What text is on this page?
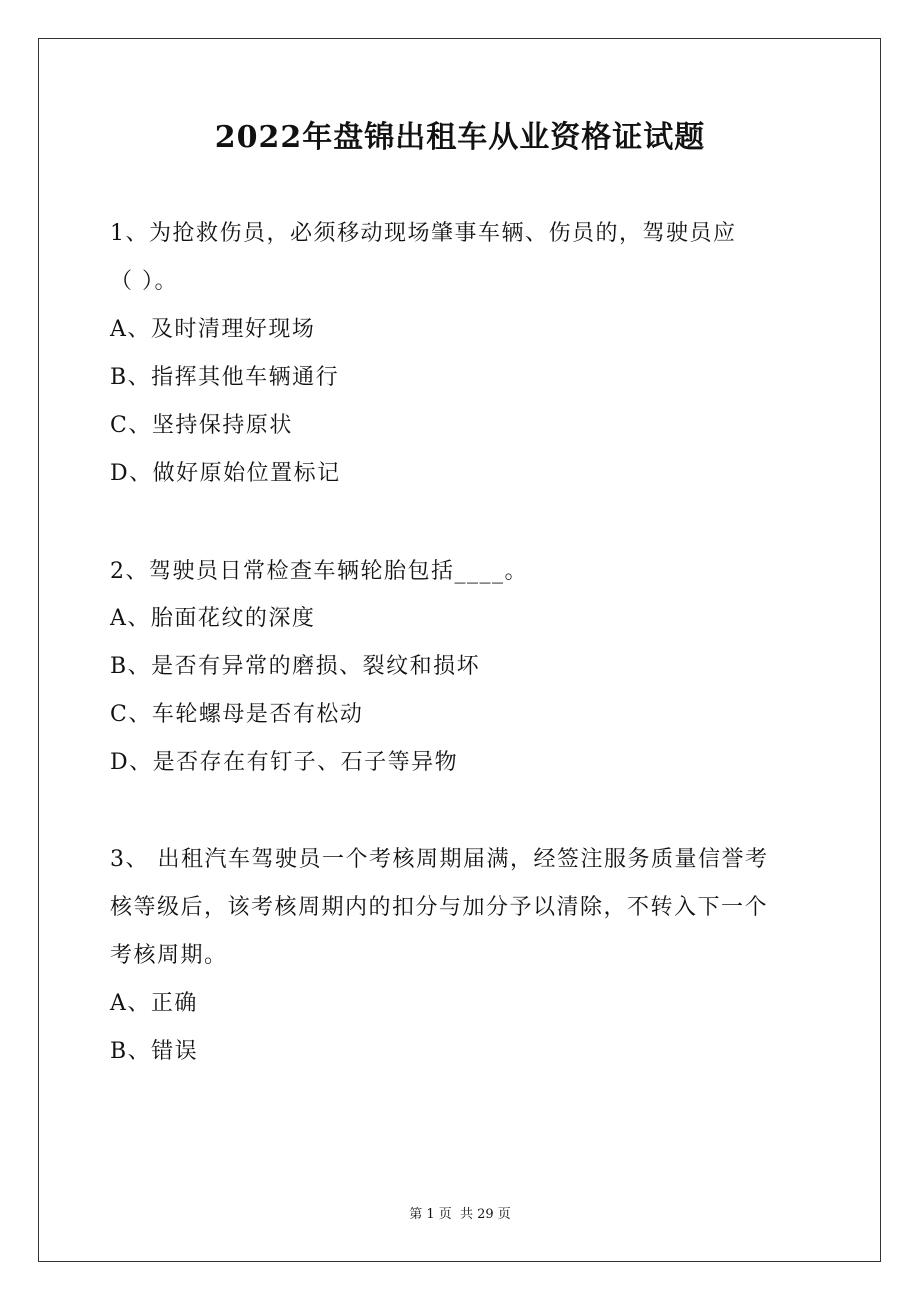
2022年盘锦出租车从业资格证试题
1、为抢救伤员，必须移动现场肇事车辆、伤员的，驾驶员应
（ ）。
A、及时清理好现场
B、指挥其他车辆通行
C、坚持保持原状
D、做好原始位置标记
2、驾驶员日常检查车辆轮胎包括____。
A、胎面花纹的深度
B、是否有异常的磨损、裂纹和损坏
C、车轮螺母是否有松动
D、是否存在有钉子、石子等异物
3、 出租汽车驾驶员一个考核周期届满，经签注服务质量信誉考
核等级后，该考核周期内的扣分与加分予以清除，不转入下一个
考核周期。
A、正确
B、错误
第 1 页 共 29 页
